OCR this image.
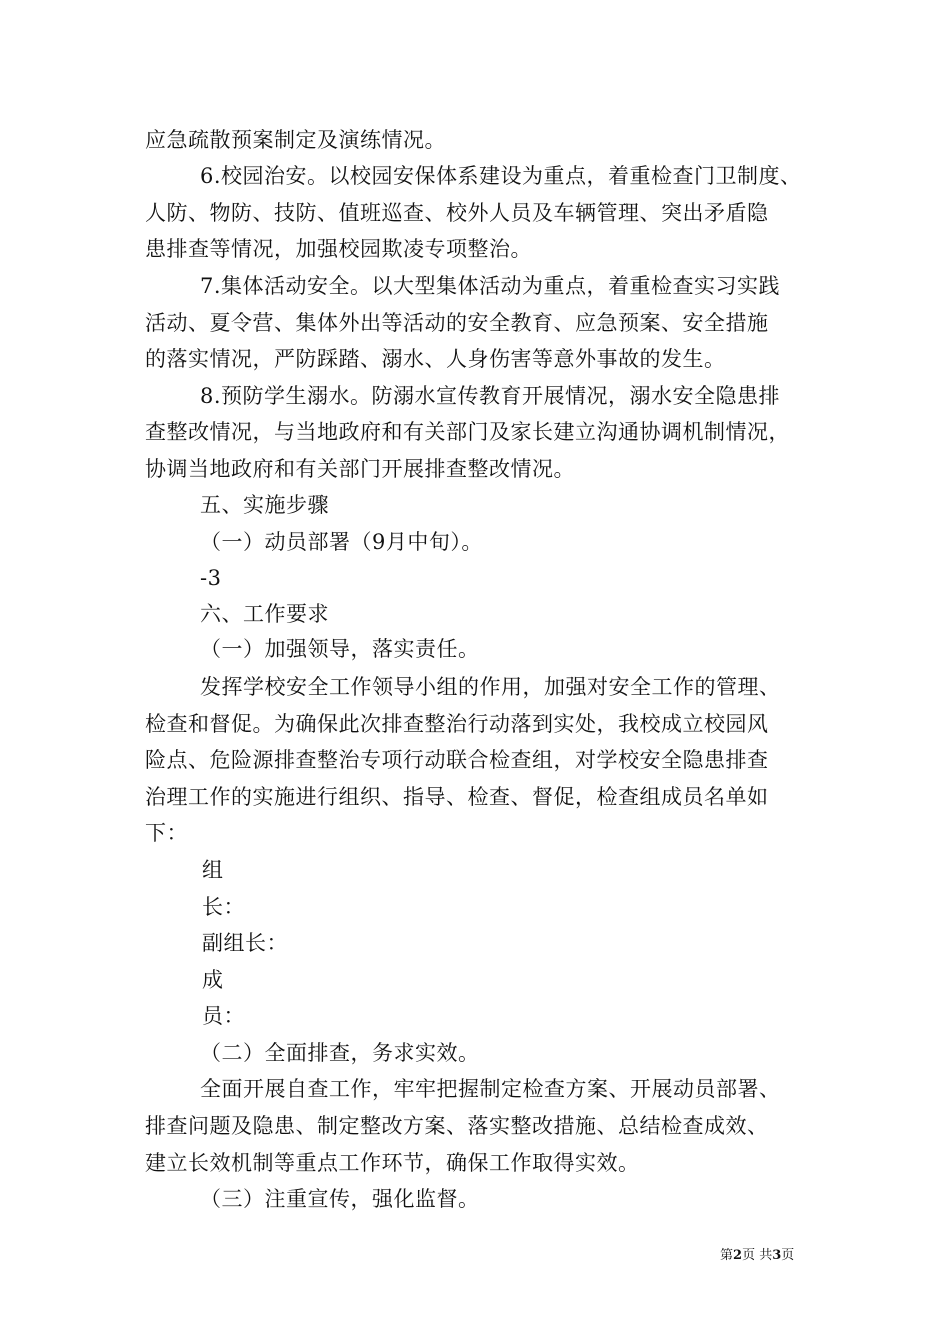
应急疏散预案制定及演练情况。
6.校园治安。以校园安保体系建设为重点，着重检查门卫制度、
人防、物防、技防、值班巡查、校外人员及车辆管理、突出矛盾隐
患排查等情况，加强校园欺凌专项整治。
7.集体活动安全。以大型集体活动为重点，着重检查实习实践
活动、夏令营、集体外出等活动的安全教育、应急预案、安全措施
的落实情况，严防踩踏、溺水、人身伤害等意外事故的发生。
8.预防学生溺水。防溺水宣传教育开展情况，溺水安全隐患排
查整改情况，与当地政府和有关部门及家长建立沟通协调机制情况，
协调当地政府和有关部门开展排查整改情况。
五、实施步骤
（一）动员部署（9月中旬）。
-3
六、工作要求
（一）加强领导，落实责任。
发挥学校安全工作领导小组的作用，加强对安全工作的管理、
检查和督促。为确保此次排查整治行动落到实处，我校成立校园风
险点、危险源排查整治专项行动联合检查组，对学校安全隐患排查
治理工作的实施进行组织、指导、检查、督促，检查组成员名单如
下：
组
长：
副组长：
成
员：
（二）全面排查，务求实效。
全面开展自查工作，牢牢把握制定检查方案、开展动员部署、
排查问题及隐患、制定整改方案、落实整改措施、总结检查成效、
建立长效机制等重点工作环节，确保工作取得实效。
（三）注重宣传，强化监督。
第2页 共3页
